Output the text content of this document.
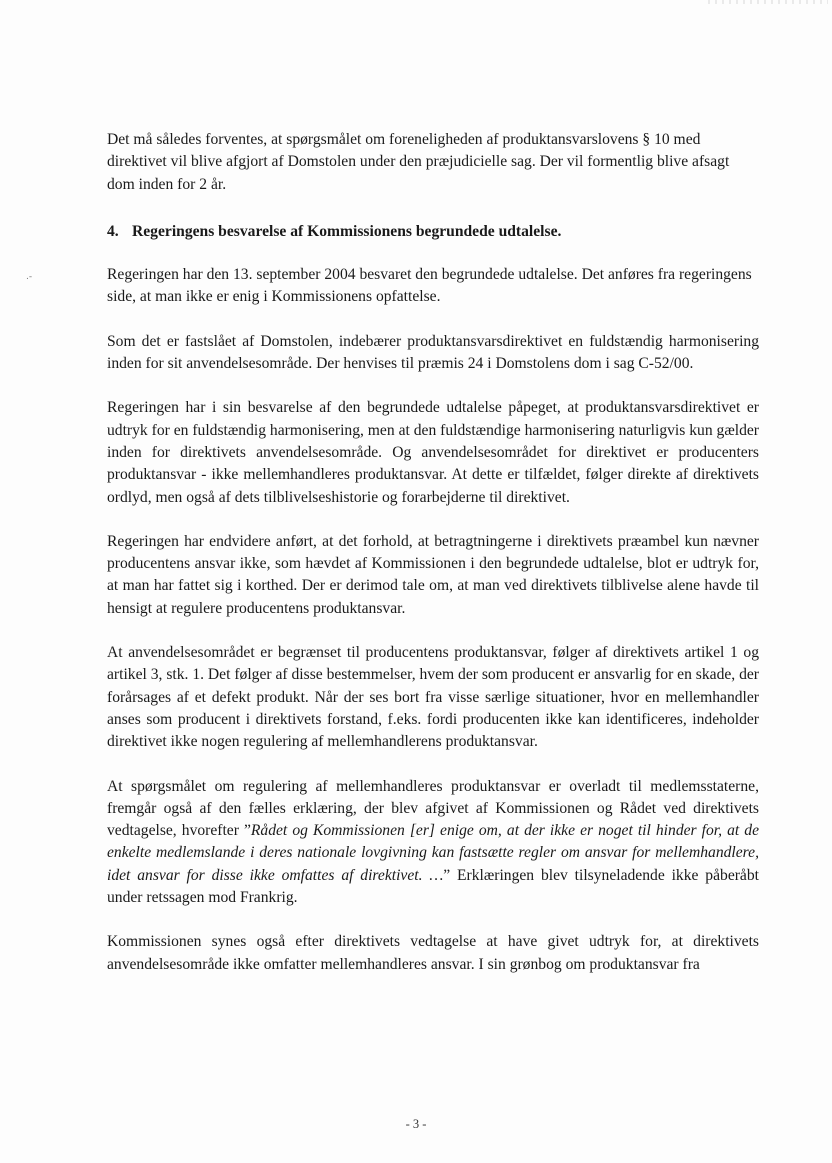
.-

Det må således forventes, at spørgsmålet om foreneligheden af produktansvarslovens § 10 med direktivet vil blive afgjort af Domstolen under den præjudicielle sag. Der vil formentlig blive afsagt dom inden for 2 år.

4. Regeringens besvarelse af Kommissionens begrundede udtalelse.

Regeringen har den 13. september 2004 besvaret den begrundede udtalelse. Det anføres fra regeringens side, at man ikke er enig i Kommissionens opfattelse.

Som det er fastslået af Domstolen, indebærer produktansvarsdirektivet en fuldstændig harmonisering inden for sit anvendelsesområde. Der henvises til præmis 24 i Domstolens dom i sag C-52/00.

Regeringen har i sin besvarelse af den begrundede udtalelse påpeget, at produktansvarsdirektivet er udtryk for en fuldstændig harmonisering, men at den fuldstændige harmonisering naturligvis kun gælder inden for direktivets anvendelsesområde. Og anvendelsesområdet for direktivet er producenters produktansvar - ikke mellemhandleres produktansvar. At dette er tilfældet, følger direkte af direktivets ordlyd, men også af dets tilblivelseshistorie og forarbejderne til direktivet.

Regeringen har endvidere anført, at det forhold, at betragtningerne i direktivets præambel kun nævner producentens ansvar ikke, som hævdet af Kommissionen i den begrundede udtalelse, blot er udtryk for, at man har fattet sig i korthed. Der er derimod tale om, at man ved direktivets tilblivelse alene havde til hensigt at regulere producentens produktansvar.

At anvendelsesområdet er begrænset til producentens produktansvar, følger af direktivets artikel 1 og artikel 3, stk. 1. Det følger af disse bestemmelser, hvem der som producent er ansvarlig for en skade, der forårsages af et defekt produkt. Når der ses bort fra visse særlige situationer, hvor en mellemhandler anses som producent i direktivets forstand, f.eks. fordi producenten ikke kan identificeres, indeholder direktivet ikke nogen regulering af mellemhandlerens produktansvar.

At spørgsmålet om regulering af mellemhandleres produktansvar er overladt til medlemsstaterne, fremgår også af den fælles erklæring, der blev afgivet af Kommissionen og Rådet ved direktivets vedtagelse, hvorefter ”Rådet og Kommissionen [er] enige om, at der ikke er noget til hinder for, at de enkelte medlemslande i deres nationale lovgivning kan fastsætte regler om ansvar for mellemhandlere, idet ansvar for disse ikke omfattes af direktivet. …” Erklæringen blev tilsyneladende ikke påberåbt under retssagen mod Frankrig.

Kommissionen synes også efter direktivets vedtagelse at have givet udtryk for, at direktivets anvendelsesområde ikke omfatter mellemhandleres ansvar. I sin grønbog om produktansvar fra

- 3 -
